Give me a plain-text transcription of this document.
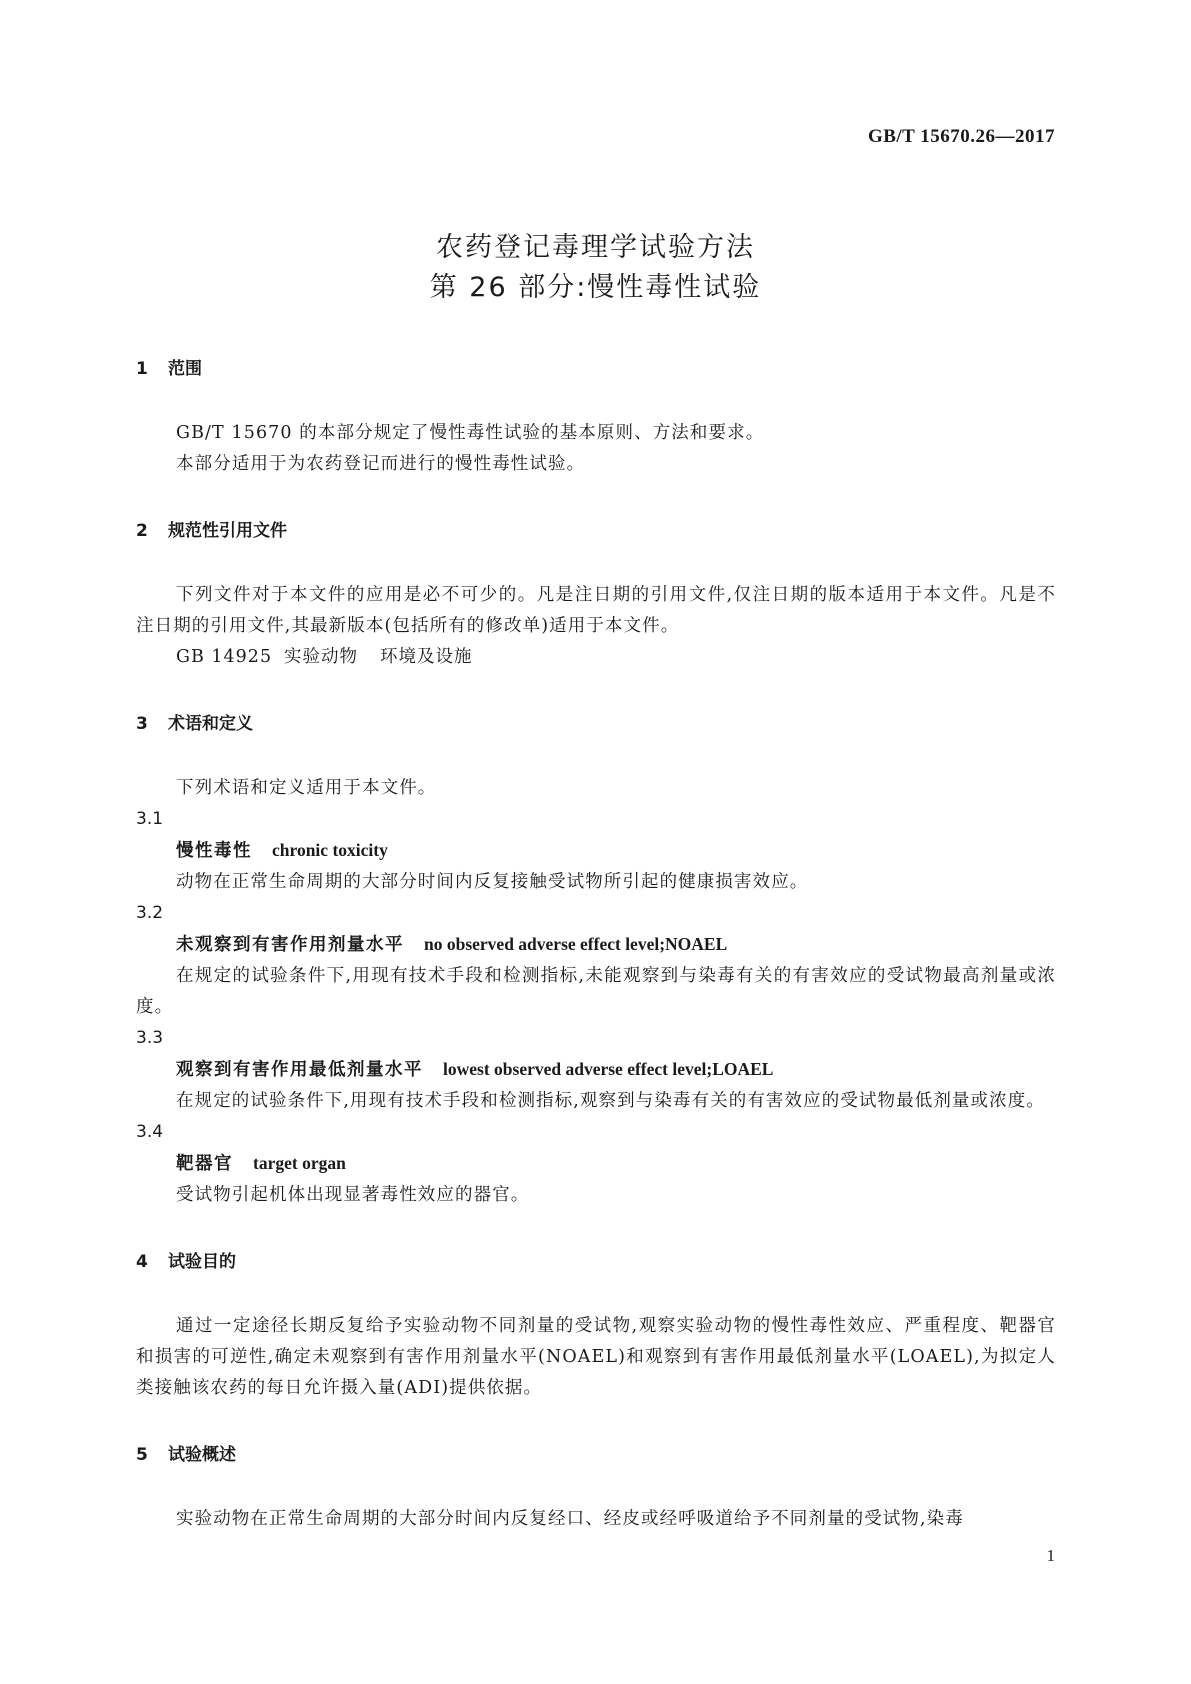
GB/T 15670.26—2017
农药登记毒理学试验方法
第 26 部分:慢性毒性试验
1 范围
GB/T 15670 的本部分规定了慢性毒性试验的基本原则、方法和要求。
本部分适用于为农药登记而进行的慢性毒性试验。
2 规范性引用文件
下列文件对于本文件的应用是必不可少的。凡是注日期的引用文件,仅注日期的版本适用于本文件。凡是不注日期的引用文件,其最新版本(包括所有的修改单)适用于本文件。
GB 14925 实验动物 环境及设施
3 术语和定义
下列术语和定义适用于本文件。
3.1
慢性毒性 chronic toxicity
动物在正常生命周期的大部分时间内反复接触受试物所引起的健康损害效应。
3.2
未观察到有害作用剂量水平 no observed adverse effect level;NOAEL
在规定的试验条件下,用现有技术手段和检测指标,未能观察到与染毒有关的有害效应的受试物最高剂量或浓度。
3.3
观察到有害作用最低剂量水平 lowest observed adverse effect level;LOAEL
在规定的试验条件下,用现有技术手段和检测指标,观察到与染毒有关的有害效应的受试物最低剂量或浓度。
3.4
靶器官 target organ
受试物引起机体出现显著毒性效应的器官。
4 试验目的
通过一定途径长期反复给予实验动物不同剂量的受试物,观察实验动物的慢性毒性效应、严重程度、靶器官和损害的可逆性,确定未观察到有害作用剂量水平(NOAEL)和观察到有害作用最低剂量水平(LOAEL),为拟定人类接触该农药的每日允许摄入量(ADI)提供依据。
5 试验概述
实验动物在正常生命周期的大部分时间内反复经口、经皮或经呼吸道给予不同剂量的受试物,染毒
1
